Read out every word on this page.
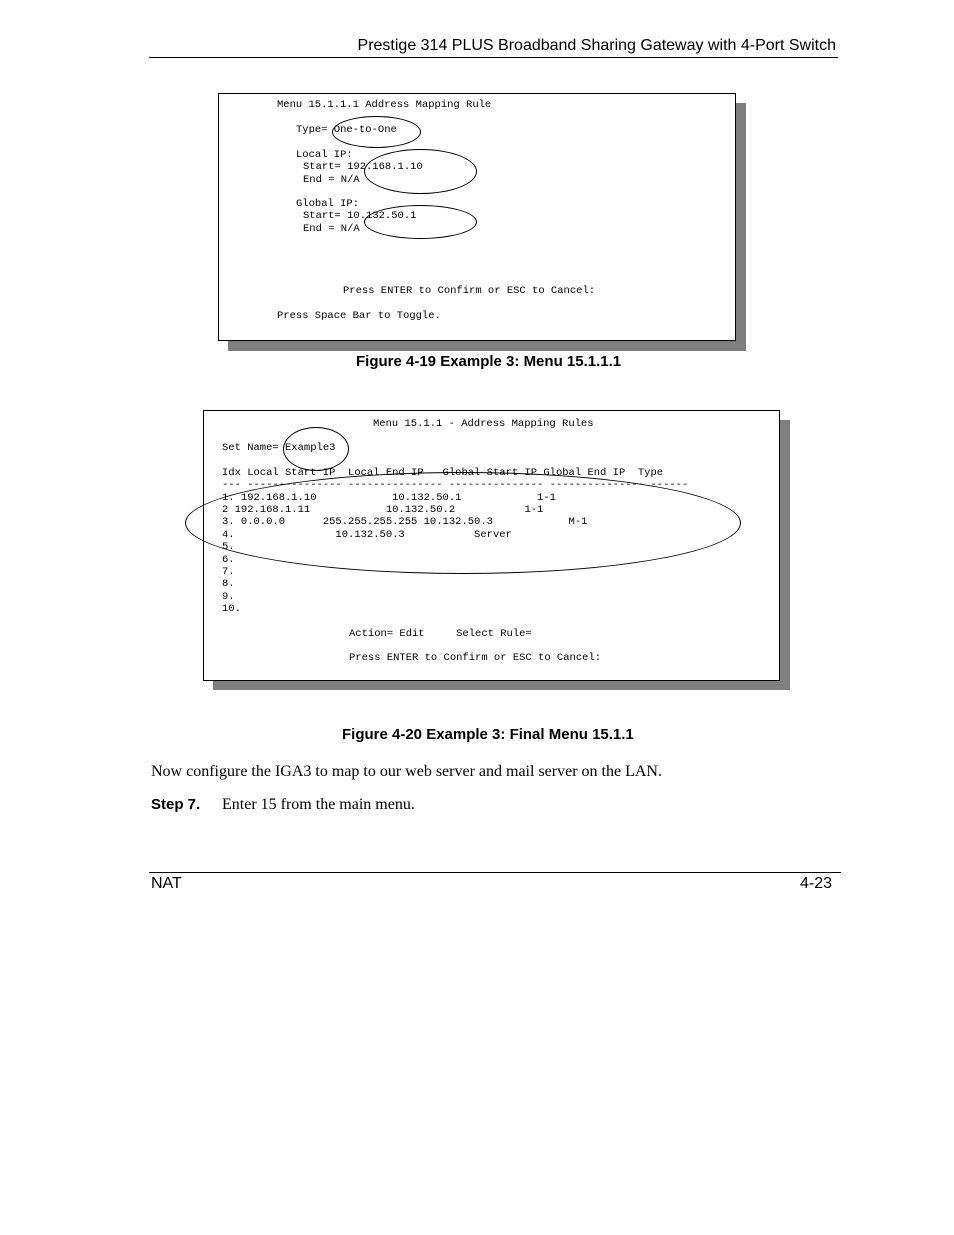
Prestige 314 PLUS Broadband Sharing Gateway with 4-Port Switch
Menu 15.1.1.1 Address Mapping Rule
Type= One-to-One
Local IP:
Start= 192.168.1.10
End = N/A
Global IP:
Start= 10.132.50.1
End = N/A
Press ENTER to Confirm or ESC to Cancel:
Press Space Bar to Toggle.
Figure 4-19 Example 3: Menu 15.1.1.1
Menu 15.1.1 - Address Mapping Rules
Set Name= Example3
Idx Local Start IP  Local End IP   Global Start IP Global End IP  Type
--- --------------- --------------- --------------- --------------- ------
1. 192.168.1.10            10.132.50.1            1-1
2 192.168.1.11            10.132.50.2           1-1
3. 0.0.0.0      255.255.255.255 10.132.50.3            M-1
4.                10.132.50.3           Server
5.
6.
7.
8.
9.
10.
Action= Edit     Select Rule=
Press ENTER to Confirm or ESC to Cancel:
Figure 4-20 Example 3: Final Menu 15.1.1
Now configure the IGA3 to map to our web server and mail server on the LAN.
Step 7. Enter 15 from the main menu.
NAT	4-23
